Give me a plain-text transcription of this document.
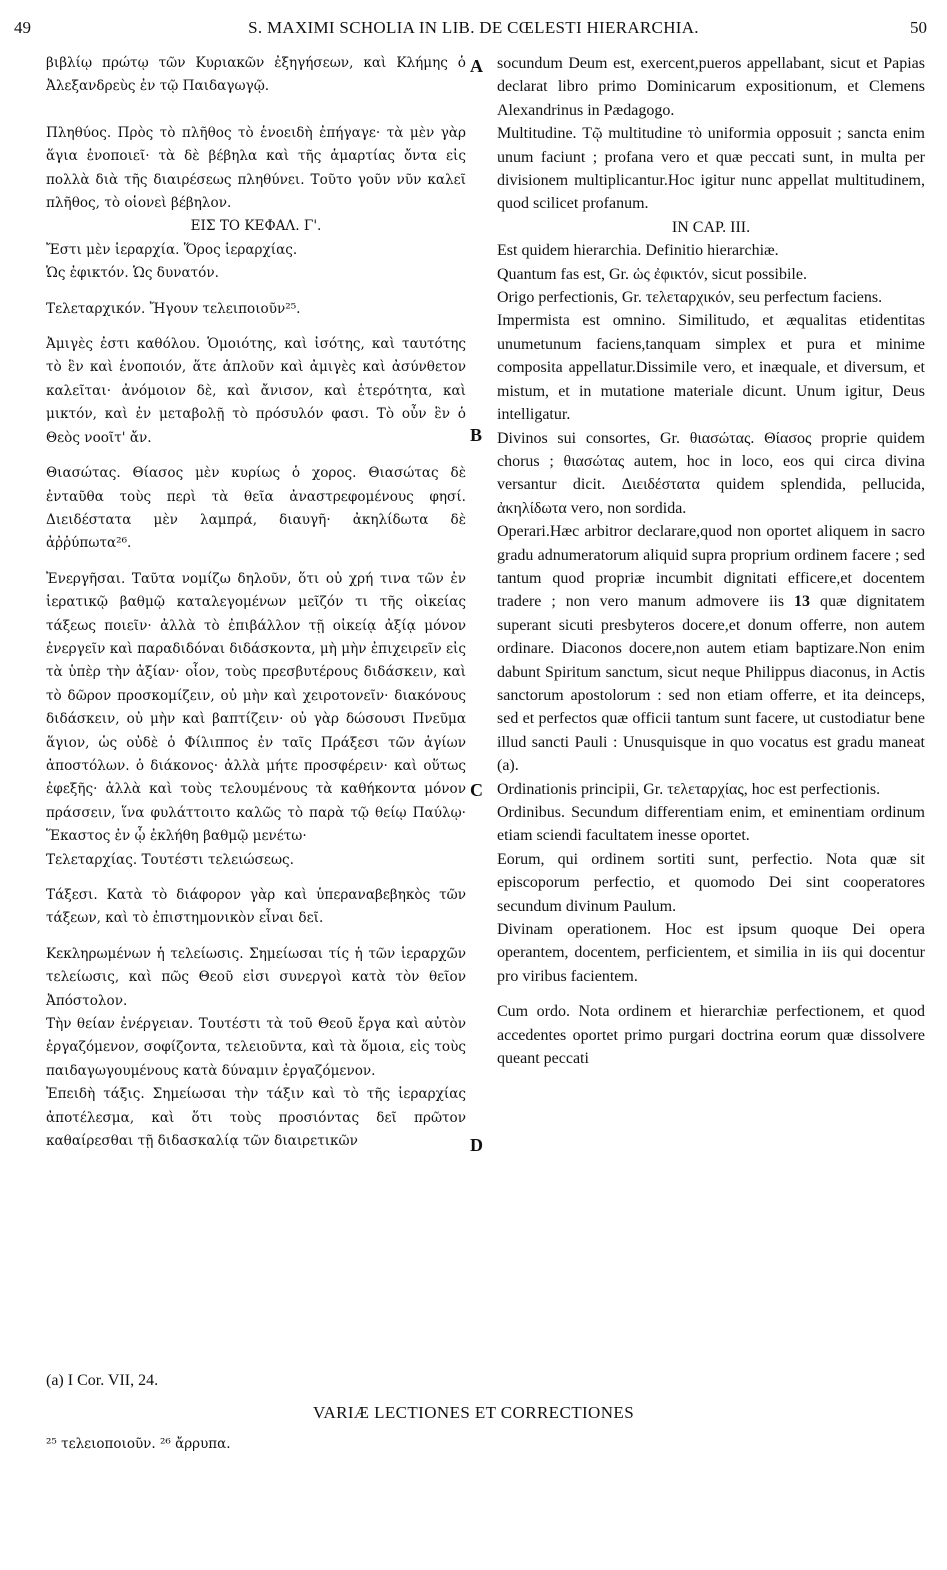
49	S. MAXIMI SCHOLIA IN LIB. DE CŒLESTI HIERARCHIA.	50

βιβλίῳ πρώτῳ τῶν Κυριακῶν ἐξηγήσεων, καὶ Κλήμης ὁ Ἀλεξανδρεὺς ἐν τῷ Παιδαγωγῷ.

Πληθύος. Πρὸς τὸ πλῆθος τὸ ἑνοειδὴ ἐπήγαγε· τὰ μὲν γὰρ ἅγια ἑνοποιεῖ· τὰ δὲ βέβηλα καὶ τῆς ἁμαρτίας ὄντα εἰς πολλὰ διὰ τῆς διαιρέσεως πληθύνει. Τοῦτο γοῦν νῦν καλεῖ πλῆθος, τὸ οἱονεὶ βέβηλον.

ΕΙΣ ΤΟ ΚΕΦΑΛ. Γ'.

Ἔστι μὲν ἱεραρχία. Ὅρος ἱεραρχίας.

Ὡς ἐφικτόν. Ὡς δυνατόν.

Τελεταρχικόν. Ἤγουν τελειποιοῦν²⁵.

Ἀμιγὲς ἐστι καθόλου. Ὁμοιότης, καὶ ἰσότης, καὶ ταυτότης τὸ ἓν καὶ ἑνοποιόν, ἅτε ἁπλοῦν καὶ ἀμιγὲς καὶ ἀσύνθετον καλεῖται· ἀνόμοιον δὲ, καὶ ἄνισον, καὶ ἑτερότητα, καὶ μικτόν, καὶ ἐν μεταβολῇ τὸ πρόσυλόν φασι. Τὸ οὖν ἓν ὁ Θεὸς νοοῖτ' ἄν.

Θιασώτας. Θίασος μὲν κυρίως ὁ χορος. Θιασώτας δὲ ἐνταῦθα τοὺς περὶ τὰ θεῖα ἀναστρεφομένους φησί. Διειδέστατα μὲν λαμπρά, διαυγῆ· ἀκηλίδωτα δὲ ἀῤῥύπωτα²⁶.

Ἐνεργῆσαι. Ταῦτα νομίζω δηλοῦν, ὅτι οὐ χρή τινα τῶν ἐν ἱερατικῷ βαθμῷ καταλεγομένων μεῖζόν τι τῆς οἰκείας τάξεως ποιεῖν· ἀλλὰ τὸ ἐπιβάλλον τῇ οἰκείᾳ ἀξίᾳ μόνον ἐνεργεῖν καὶ παραδιδόναι διδάσκοντα, μὴ μὴν ἐπιχειρεῖν εἰς τὰ ὑπὲρ τὴν ἀξίαν· οἷον, τοὺς πρεσβυτέρους διδάσκειν, καὶ τὸ δῶρον προσκομίζειν, οὐ μὴν καὶ χειροτονεῖν· διακόνους διδάσκειν, οὐ μὴν καὶ βαπτίζειν· οὐ γὰρ δώσουσι Πνεῦμα ἅγιον, ὡς οὐδὲ ὁ Φίλιππος ἐν ταῖς Πράξεσι τῶν ἁγίων ἀποστόλων. ὁ διάκονος· ἀλλὰ μήτε προσφέρειν· καὶ οὕτως ἐφεξῆς· ἀλλὰ καὶ τοὺς τελουμένους τὰ καθήκοντα μόνον πράσσειν, ἵνα φυλάττοιτο καλῶς τὸ παρὰ τῷ θείῳ Παύλῳ· Ἕκαστος ἐν ᾧ ἐκλήθη βαθμῷ μενέτω·

Τελεταρχίας. Τουτέστι τελειώσεως.

Τάξεσι. Κατὰ τὸ διάφορον γὰρ καὶ ὑπεραναβεβηκὸς τῶν τάξεων, καὶ τὸ ἐπιστημονικὸν εἶναι δεῖ.

Κεκληρωμένων ἡ τελείωσις. Σημείωσαι τίς ἡ τῶν ἱεραρχῶν τελείωσις, καὶ πῶς Θεοῦ εἰσι συνεργοὶ κατὰ τὸν θεῖον Ἀπόστολον.

Τὴν θείαν ἐνέργειαν. Τουτέστι τὰ τοῦ Θεοῦ ἔργα καὶ αὐτὸν ἐργαζόμενον, σοφίζοντα, τελειοῦντα, καὶ τὰ ὅμοια, εἰς τοὺς παιδαγωγουμένους κατὰ δύναμιν ἐργαζόμενον.

Ἐπειδὴ τάξις. Σημείωσαι τὴν τάξιν καὶ τὸ τῆς ἱεραρχίας ἀποτέλεσμα, καὶ ὅτι τοὺς προσιόντας δεῖ πρῶτον καθαίρεσθαι τῇ διδασκαλίᾳ τῶν διαιρετικῶν

A
B
C
D

socundum Deum est, exercent,pueros appellabant, sicut et Papias declarat libro primo Dominicarum expositionum, et Clemens Alexandrinus in Pædagogo.

Multitudine. Τῷ multitudine τὸ uniformia opposuit ; sancta enim unum faciunt ; profana vero et quæ peccati sunt, in multa per divisionem multiplicantur.Hoc igitur nunc appellat multitudinem, quod scilicet profanum.

IN CAP. III.

Est quidem hierarchia. Definitio hierarchiæ.

Quantum fas est, Gr. ὡς ἐφικτόν, sicut possibile.

Origo perfectionis, Gr. τελεταρχικόν, seu perfectum faciens.

Impermista est omnino. Similitudo, et æqualitas etidentitas unumetunum faciens,tanquam simplex et pura et minime composita appellatur.Dissimile vero, et inæquale, et diversum, et mistum, et in mutatione materiale dicunt. Unum igitur, Deus intelligatur.

Divinos sui consortes, Gr. θιασώτας. Θίασος proprie quidem chorus ; θιασώτας autem, hoc in loco, eos qui circa divina versantur dicit. Διειδέστατα quidem splendida, pellucida, ἀκηλίδωτα vero, non sordida.

Operari.Hæc arbitror declarare,quod non oportet aliquem in sacro gradu adnumeratorum aliquid supra proprium ordinem facere ; sed tantum quod propriæ incumbit dignitati efficere,et docentem tradere ; non vero manum admovere iis 13 quæ dignitatem superant sicuti presbyteros docere,et donum offerre, non autem ordinare. Diaconos docere,non autem etiam baptizare.Non enim dabunt Spiritum sanctum, sicut neque Philippus diaconus, in Actis sanctorum apostolorum : sed non etiam offerre, et ita deinceps, sed et perfectos quæ officii tantum sunt facere, ut custodiatur bene illud sancti Pauli : Unusquisque in quo vocatus est gradu maneat (a).

Ordinationis principii, Gr. τελεταρχίας, hoc est perfectionis.

Ordinibus. Secundum differentiam enim, et eminentiam ordinum etiam sciendi facultatem inesse oportet.

Eorum, qui ordinem sortiti sunt, perfectio. Nota quæ sit episcoporum perfectio, et quomodo Dei sint cooperatores secundum divinum Paulum.

Divinam operationem. Hoc est ipsum quoque Dei opera operantem, docentem, perficientem, et similia in iis qui docentur pro viribus facientem.

Cum ordo. Nota ordinem et hierarchiæ perfectionem, et quod accedentes oportet primo purgari doctrina eorum quæ dissolvere queant peccati

(a) I Cor. VII, 24.
VARIÆ LECTIONES ET CORRECTIONES
²⁵ τελειοποιοῦν. ²⁶ ἄρρυπα.
